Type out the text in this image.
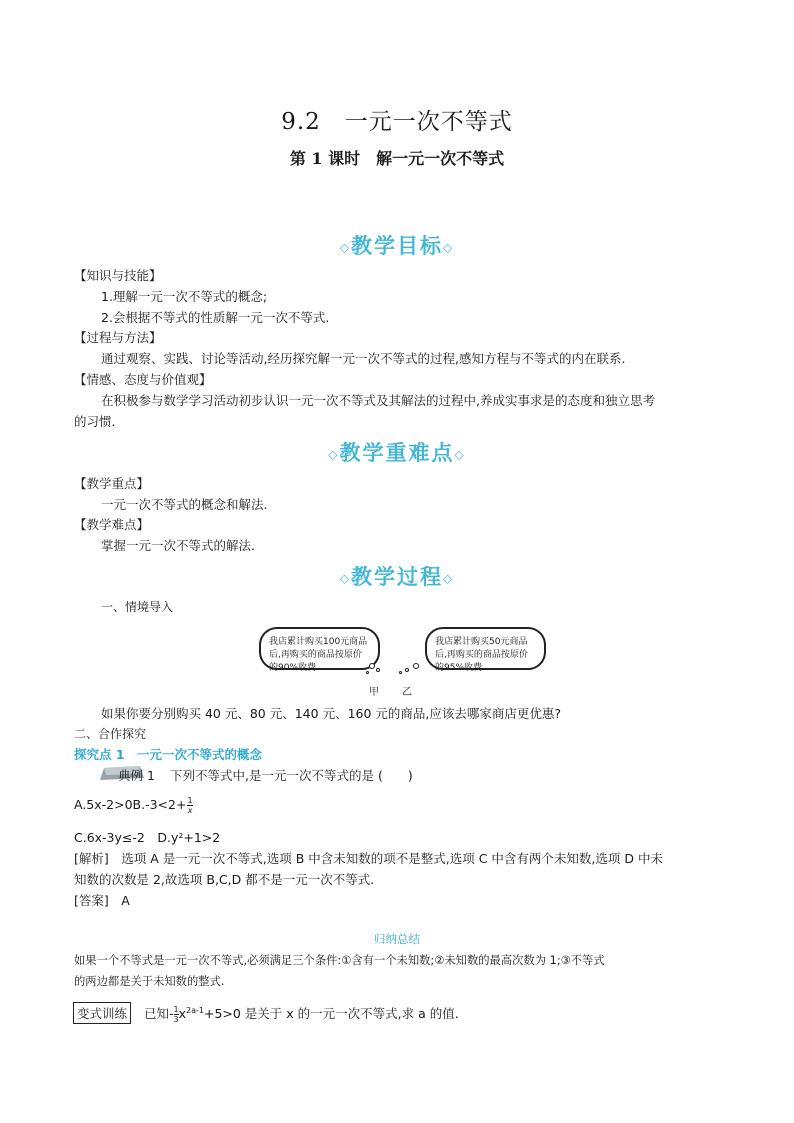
9.2　一元一次不等式
第 1 课时　解一元一次不等式
◇教学目标◇
【知识与技能】
1.理解一元一次不等式的概念;
2.会根据不等式的性质解一元一次不等式.
【过程与方法】
通过观察、实践、讨论等活动,经历探究解一元一次不等式的过程,感知方程与不等式的内在联系.
【情感、态度与价值观】
在积极参与数学学习活动初步认识一元一次不等式及其解法的过程中,养成实事求是的态度和独立思考
的习惯.
◇教学重难点◇
【教学重点】
一元一次不等式的概念和解法.
【教学难点】
掌握一元一次不等式的解法.
◇教学过程◇
一、情境导入
我店累计购买100元商品后,再购买的商品按原价的90%收费.
我店累计购买50元商品后,再购买的商品按原价的95%收费.
甲 乙
如果你要分别购买 40 元、80 元、140 元、160 元的商品,应该去哪家商店更优惠?
二、合作探究
探究点 1　一元一次不等式的概念
典例 1 下列不等式中,是一元一次不等式的是 (　　)
$A.5x-2>0B.-3<2+ \frac{1}{x}$
C.6x-3y≤-2　D.y²+1>2
[解析]　 选项 A 是一元一次不等式,选项 B 中含未知数的项不是整式,选项 C 中含有两个未知数,选项 D 中未
知数的次数是 2,故选项 B,C,D 都不是一元一次不等式.
[答案]　 A
归纳总结
如果一个不等式是一元一次不等式,必须满足三个条件:①含有一个未知数;②未知数的最高次数为 1;③不等式
的两边都是关于未知数的整式.
变式训练	已知- $\frac{1}{3} x^{2a-1}+5>0$ 是关于 x 的一元一次不等式,求 a 的值.
